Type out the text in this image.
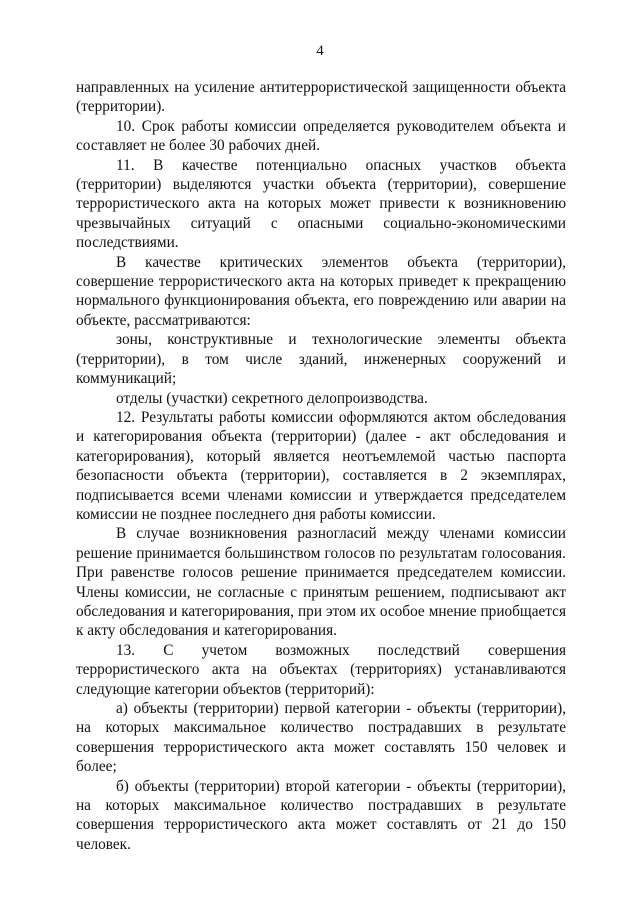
4

направленных на усиление антитеррористической защищенности объекта (территории).

10. Срок работы комиссии определяется руководителем объекта и составляет не более 30 рабочих дней.

11. В качестве потенциально опасных участков объекта (территории) выделяются участки объекта (территории), совершение террористического акта на которых может привести к возникновению чрезвычайных ситуаций с опасными социально-экономическими последствиями.

В качестве критических элементов объекта (территории), совершение террористического акта на которых приведет к прекращению нормального функционирования объекта, его повреждению или аварии на объекте, рассматриваются:

зоны, конструктивные и технологические элементы объекта (территории), в том числе зданий, инженерных сооружений и коммуникаций;

отделы (участки) секретного делопроизводства.

12. Результаты работы комиссии оформляются актом обследования и категорирования объекта (территории) (далее - акт обследования и категорирования), который является неотъемлемой частью паспорта безопасности объекта (территории), составляется в 2 экземплярах, подписывается всеми членами комиссии и утверждается председателем комиссии не позднее последнего дня работы комиссии.

В случае возникновения разногласий между членами комиссии решение принимается большинством голосов по результатам голосования. При равенстве голосов решение принимается председателем комиссии. Члены комиссии, не согласные с принятым решением, подписывают акт обследования и категорирования, при этом их особое мнение приобщается к акту обследования и категорирования.

13. С учетом возможных последствий совершения террористического акта на объектах (территориях) устанавливаются следующие категории объектов (территорий):

а) объекты (территории) первой категории - объекты (территории), на которых максимальное количество пострадавших в результате совершения террористического акта может составлять 150 человек и более;

б) объекты (территории) второй категории - объекты (территории), на которых максимальное количество пострадавших в результате совершения террористического акта может составлять от 21 до 150 человек.
